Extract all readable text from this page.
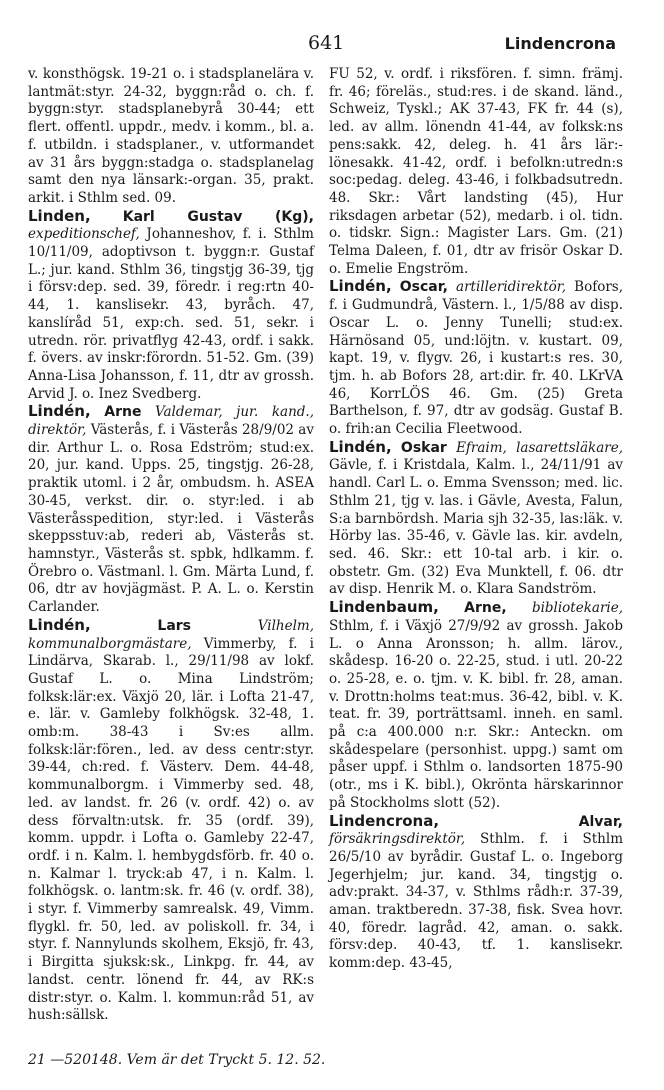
641	Lindencrona

v. konsthögsk. 19-21 o. i stadsplanelära v. lantmät:styr. 24-32, byggn:råd o. ch. f. byggn:styr. stadsplanebyrå 30-44; ett flert. offentl. uppdr., medv. i komm., bl. a. f. utbildn. i stadsplaner., v. utformandet av 31 års byggn:stadga o. stadsplanelag samt den nya länsark:-organ. 35, prakt. arkit. i Sthlm sed. 09.

Linden, Karl Gustav (Kg), expeditionschef, Johanneshov, f. i. Sthlm 10/11/09, adoptivson t. byggn:r. Gustaf L.; jur. kand. Sthlm 36, tingstjg 36-39, tjg i försv:dep. sed. 39, föredr. i reg:rtn 40-44, 1. kanslisekr. 43, byråch. 47, kanslíråd 51, exp:ch. sed. 51, sekr. i utredn. rör. privatflyg 42-43, ordf. i sakk. f. övers. av inskr:förordn. 51-52. Gm. (39) Anna-Lisa Johansson, f. 11, dtr av grossh. Arvid J. o. Inez Svedberg.

Lindén, Arne Valdemar, jur. kand., direktör, Västerås, f. i Västerås 28/9/02 av dir. Arthur L. o. Rosa Edström; stud:ex. 20, jur. kand. Upps. 25, tingstjg. 26-28, praktik utoml. i 2 år, ombudsm. h. ASEA 30-45, verkst. dir. o. styr:led. i ab Västeråsspedition, styr:led. i Västerås skeppsstuv:ab, rederi ab, Västerås st. hamnstyr., Västerås st. spbk, hdlkamm. f. Örebro o. Västmanl. l. Gm. Märta Lund, f. 06, dtr av hovjägmäst. P. A. L. o. Kerstin Carlander.

Lindén,	Lars	Vilhelm, kommunalborgmästare, Vimmerby, f. i Lindärva, Skarab. l., 29/11/98 av lokf. Gustaf L. o. Mina Lindström; folksk:lär:ex. Växjö 20, lär. i Lofta 21-47, e. lär. v. Gamleby folkhögsk. 32-48, 1. omb:m. 38-43 i Sv:es allm. folksk:lär:fören., led. av dess centr:styr. 39-44, ch:red. f. Västerv. Dem. 44-48, kommunalborgm. i Vimmerby sed. 48, led. av landst. fr. 26 (v. ordf. 42) o. av dess förvaltn:utsk. fr. 35 (ordf. 39), komm. uppdr. i Lofta o. Gamleby 22-47, ordf. i n. Kalm. l. hembygdsförb. fr. 40 o. n. Kalmar l. tryck:ab 47, i n. Kalm. l. folkhögsk. o. lantm:sk. fr. 46 (v. ordf. 38), i styr. f. Vimmerby samrealsk. 49, Vimm. flygkl. fr. 50, led. av poliskoll. fr. 34, i styr. f. Nannylunds skolhem, Eksjö, fr. 43, i Birgitta sjuksk:sk., Linkpg. fr. 44, av landst. centr. lönend fr. 44, av RK:s distr:styr. o. Kalm. l. kommun:råd 51, av hush:sällsk.

FU 52, v. ordf. i riksfören. f. simn. främj. fr. 46; föreläs., stud:res. i de skand. länd., Schweiz, Tyskl.; AK 37-43, FK fr. 44 (s), led. av allm. lönendn 41-44, av folksk:ns pens:sakk. 42, deleg. h. 41 års lär:-lönesakk. 41-42, ordf. i befolkn:utredn:s soc:pedag. deleg. 43-46, i folkbadsutredn. 48. Skr.: Vårt landsting (45), Hur riksdagen arbetar (52), medarb. i ol. tidn. o. tidskr. Sign.: Magister Lars. Gm. (21) Telma Daleen, f. 01, dtr av frisör Oskar D. o. Emelie Engström.

Lindén, Oscar, artilleridirektör, Bofors, f. i Gudmundrå, Västern. l., 1/5/88 av disp. Oscar L. o. Jenny Tunelli; stud:ex. Härnösand 05, und:löjtn. v. kustart. 09, kapt. 19, v. flygv. 26, i kustart:s res. 30, tjm. h. ab Bofors 28, art:dir. fr. 40. LKrVA 46, KorrLÖS 46. Gm. (25) Greta Barthelson, f. 97, dtr av godsäg. Gustaf B. o. frih:an Cecilia Fleetwood.

Lindén, Oskar Efraim, lasarettsläkare, Gävle, f. i Kristdala, Kalm. l., 24/11/91 av handl. Carl L. o. Emma Svensson; med. lic. Sthlm 21, tjg v. las. i Gävle, Avesta, Falun, S:a barnbördsh. Maria sjh 32-35, las:läk. v. Hörby las. 35-46, v. Gävle las. kir. avdeln, sed. 46. Skr.: ett 10-tal arb. i kir. o. obstetr. Gm. (32) Eva Munktell, f. 06. dtr av disp. Henrik M. o. Klara Sandström.

Lindenbaum, Arne, bibliotekarie, Sthlm, f. i Växjö 27/9/92 av grossh. Jakob L. o Anna Aronsson; h. allm. lärov., skådesp. 16-20 o. 22-25, stud. i utl. 20-22 o. 25-28, e. o. tjm. v. K. bibl. fr. 28, aman. v. Drottn:holms teat:mus. 36-42, bibl. v. K. teat. fr. 39, porträttsaml. inneh. en saml. på c:a 400.000 n:r. Skr.: Anteckn. om skådespelare (personhist. uppg.) samt om påser uppf. i Sthlm o. landsorten 1875-90 (otr., ms i K. bibl.), Okrönta härskarinnor på Stockholms slott (52).

Lindencrona,	Alvar, försäkringsdirektör, Sthlm. f. i Sthlm 26/5/10 av byrådir. Gustaf L. o. Ingeborg Jegerhjelm; jur. kand. 34, tingstjg o. adv:prakt. 34-37, v. Sthlms rådh:r. 37-39, aman. traktberedn. 37-38, fisk. Svea hovr. 40, föredr. lagråd. 42, aman. o. sakk. försv:dep. 40-43, tf. 1. kanslisekr. komm:dep. 43-45,

21 —520148. Vem är det Tryckt 5. 12. 52.
